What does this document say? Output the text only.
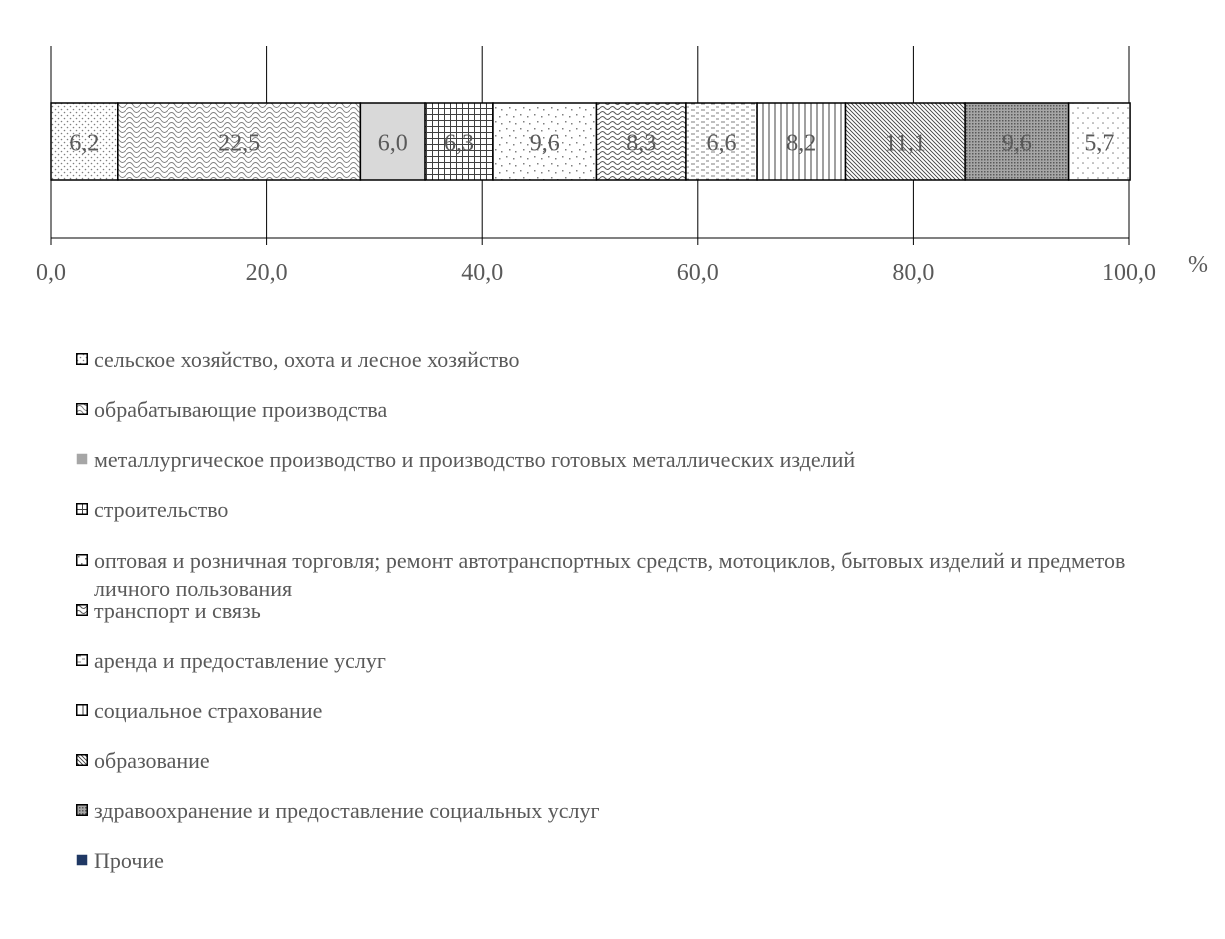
6,2	22,5	6,0 6,3 9,6	8,3 6,6 8,2	11,1	9,6 5,7
0,0	20,0	40,0	60,0	80,0	100,0 %
сельское хозяйство, охота и лесное хозяйство
обрабатывающие производства
металлургическое производство и производство готовых металлических изделий
строительство
оптовая и розничная торговля; ремонт автотранспортных средств, мотоциклов, бытовых изделий и предметов личного пользования
транспорт и связь
аренда и предоставление услуг
социальное страхование
образование
здравоохранение и предоставление социальных услуг
Прочие
